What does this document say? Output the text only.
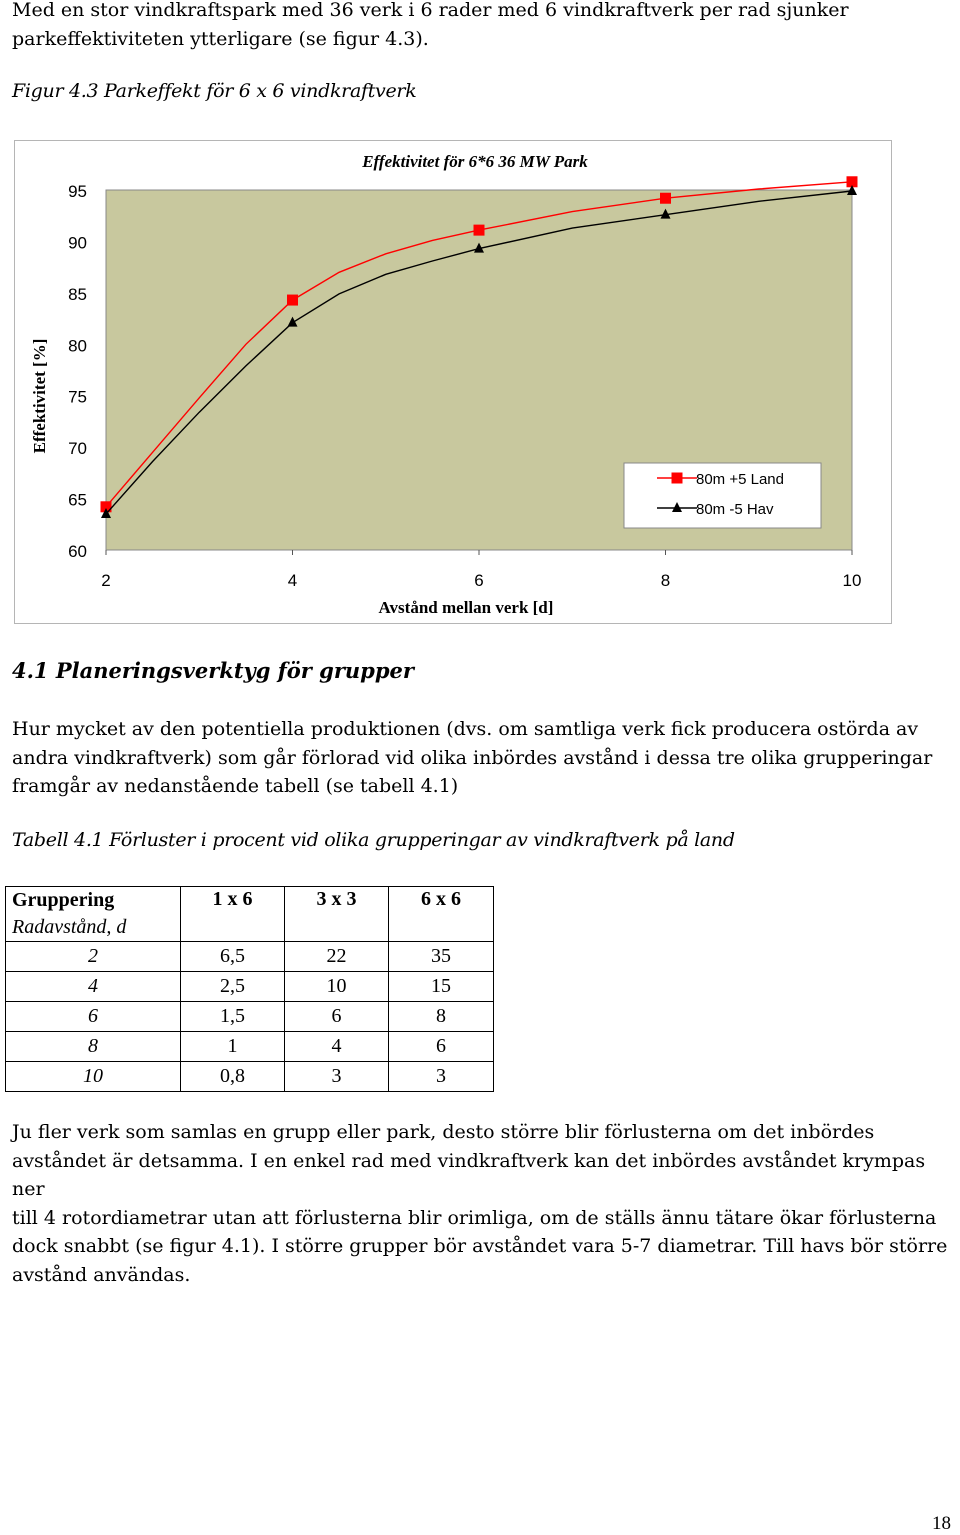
Med en stor vindkraftspark med 36 verk i 6 rader med 6 vindkraftverk per rad sjunker
parkeffektiviteten ytterligare (se figur 4.3).
Figur 4.3 Parkeffekt för 6 x 6 vindkraftverk
Effektivitet för 6*6 36 MW Park
95
90
85
80
75
70
65
60
2	4	6	8	10
Avstånd mellan verk [d]
Effektivitet [%]
80m +5 Land
80m -5 Hav
4.1 Planeringsverktyg för grupper
Hur mycket av den potentiella produktionen (dvs. om samtliga verk fick producera ostörda av
andra vindkraftverk) som går förlorad vid olika inbördes avstånd i dessa tre olika grupperingar
framgår av nedanstående tabell (se tabell 4.1)
Tabell 4.1 Förluster i procent vid olika grupperingar av vindkraftverk på land
Gruppering
Radavstånd, d	1 x 6	3 x 3	6 x 6
2	6,5	22	35
4	2,5	10	15
6	1,5	6	8
8	1	4	6
10	0,8	3	3
Ju fler verk som samlas en grupp eller park, desto större blir förlusterna om det inbördes
avståndet är detsamma. I en enkel rad med vindkraftverk kan det inbördes avståndet krympas ner
till 4 rotordiametrar utan att förlusterna blir orimliga, om de ställs ännu tätare ökar förlusterna
dock snabbt (se figur 4.1). I större grupper bör avståndet vara 5-7 diametrar. Till havs bör större
avstånd användas.
18
